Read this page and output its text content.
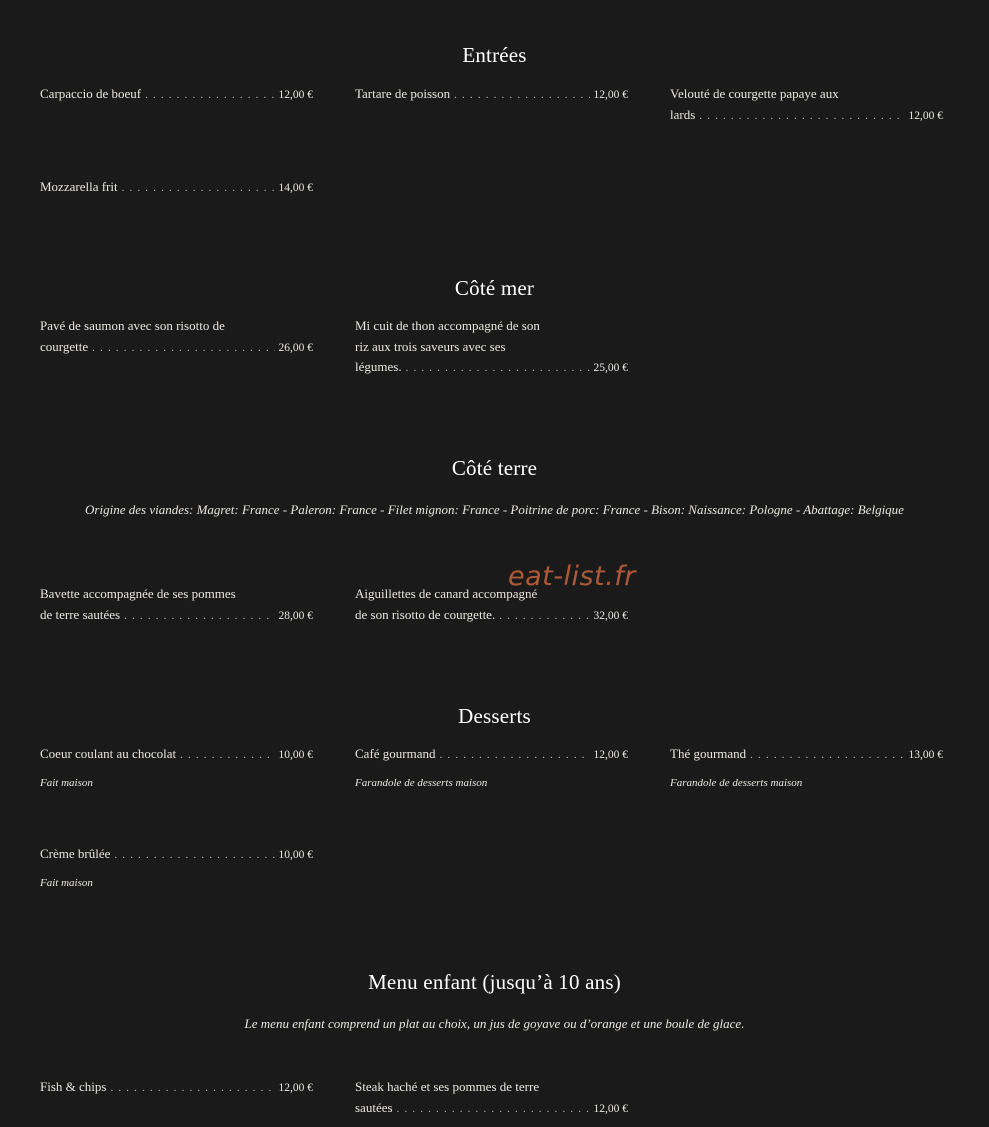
Entrées
Carpaccio de boeuf . . .	12,00 €	Tartare de poisson . . .	12,00 €	Velouté de courgette papaye aux
lards . . .	12,00 €
Mozzarella frit . . .	14,00 €
Côté mer
Pavé de saumon avec son risotto de
courgette . . .	26,00 €
Mi cuit de thon accompagné de son
riz aux trois saveurs avec ses
légumes. . . .	25,00 €
Côté terre

Origine des viandes: Magret: France - Paleron: France - Filet mignon: France - Poitrine de porc: France - Bison: Naissance: Pologne - Abattage: Belgique

Bavette accompagnée de ses pommes
de terre sautées . . .	28,00 €
Aiguillettes de canard accompagné
de son risotto de courgette. . . .	32,00 €
Desserts
Coeur coulant au chocolat . . .	10,00 €
Fait maison
Café gourmand . . .	12,00 €
Farandole de desserts maison
Thé gourmand . . .	13,00 €
Farandole de desserts maison
Crème brûlée . . .	10,00 €
Fait maison
Menu enfant (jusqu’à 10 ans)

Le menu enfant comprend un plat au choix, un jus de goyave ou d’orange et une boule de glace.

Fish & chips . . .	12,00 €	Steak haché et ses pommes de terre
sautées . . .	12,00 €
eat-list.fr
